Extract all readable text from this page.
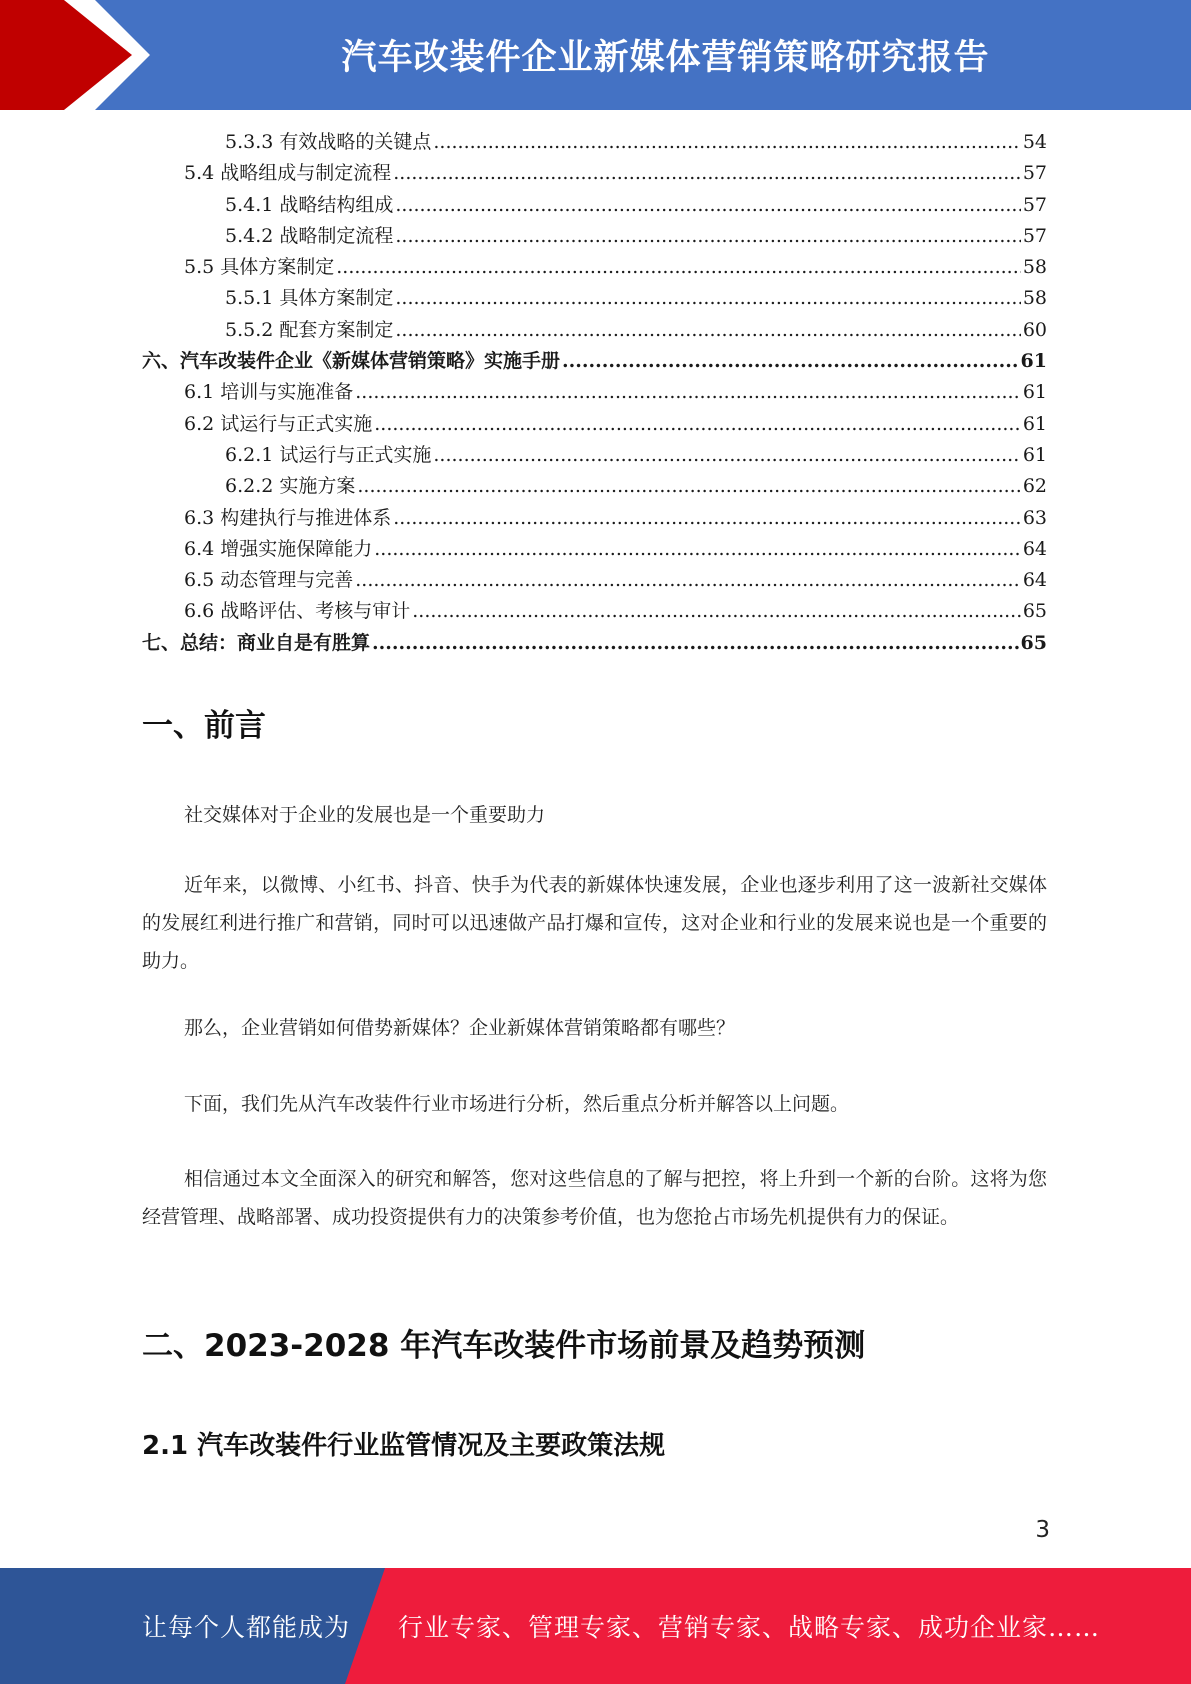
汽车改装件企业新媒体营销策略研究报告
5.3.3 有效战略的关键点 .....	54
5.4 战略组成与制定流程 .....	57
5.4.1 战略结构组成 .....	57
5.4.2 战略制定流程 .....	57
5.5 具体方案制定 .....	58
5.5.1 具体方案制定 .....	58
5.5.2 配套方案制定 .....	60
六、汽车改装件企业《新媒体营销策略》实施手册 .....	61
6.1 培训与实施准备 .....	61
6.2 试运行与正式实施 .....	61
6.2.1 试运行与正式实施 .....	61
6.2.2 实施方案 .....	62
6.3 构建执行与推进体系 .....	63
6.4 增强实施保障能力 .....	64
6.5 动态管理与完善 .....	64
6.6 战略评估、考核与审计 .....	65
七、总结：商业自是有胜算 .....	65
一、前言
社交媒体对于企业的发展也是一个重要助力
近年来，以微博、小红书、抖音、快手为代表的新媒体快速发展，企业也逐步利用了这一波新社交媒体的发展红利进行推广和营销，同时可以迅速做产品打爆和宣传，这对企业和行业的发展来说也是一个重要的助力。
那么，企业营销如何借势新媒体？企业新媒体营销策略都有哪些？
下面，我们先从汽车改装件行业市场进行分析，然后重点分析并解答以上问题。
相信通过本文全面深入的研究和解答，您对这些信息的了解与把控，将上升到一个新的台阶。这将为您经营管理、战略部署、成功投资提供有力的决策参考价值，也为您抢占市场先机提供有力的保证。
二、2023-2028 年汽车改装件市场前景及趋势预测
2.1 汽车改装件行业监管情况及主要政策法规
3
让每个人都能成为 行业专家、管理专家、营销专家、战略专家、成功企业家……
